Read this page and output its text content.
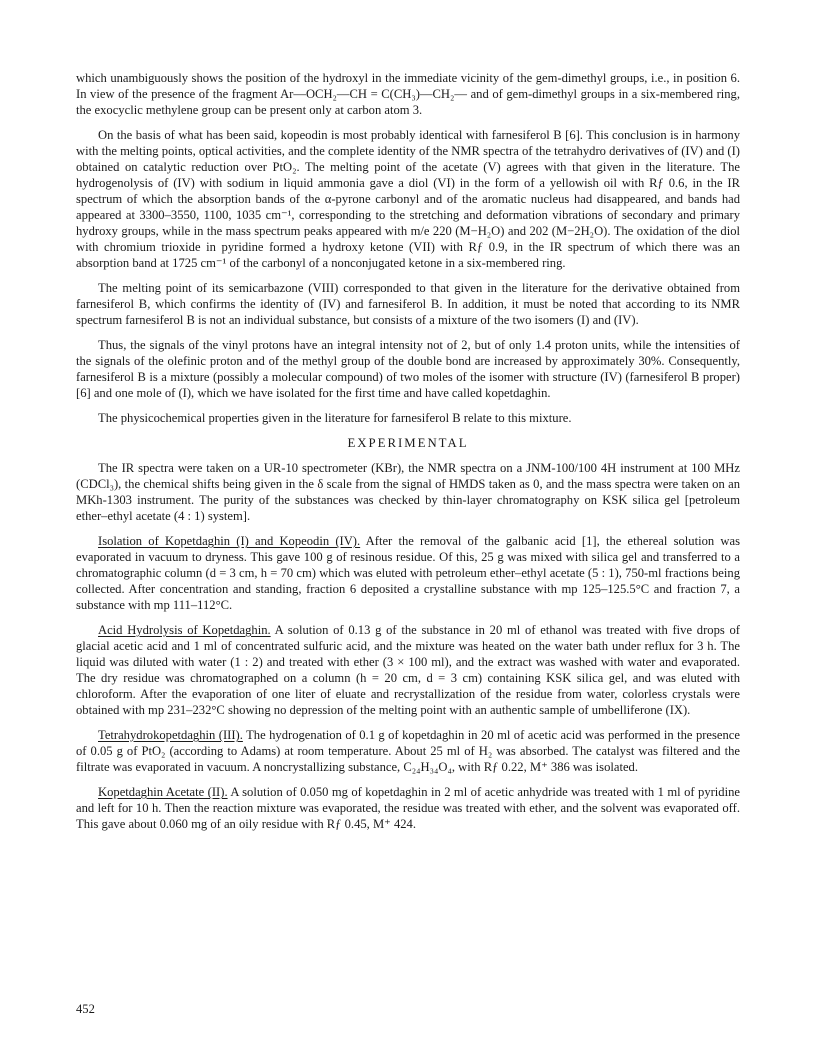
which unambiguously shows the position of the hydroxyl in the immediate vicinity of the gem-dimethyl groups, i.e., in position 6. In view of the presence of the fragment Ar—OCH₂—CH = C(CH₃)—CH₂— and of gem-dimethyl groups in a six-membered ring, the exocyclic methylene group can be present only at carbon atom 3.

On the basis of what has been said, kopeodin is most probably identical with farnesiferol B [6]. This conclusion is in harmony with the melting points, optical activities, and the complete identity of the NMR spectra of the tetrahydro derivatives of (IV) and (I) obtained on catalytic reduction over PtO₂. The melting point of the acetate (V) agrees with that given in the literature. The hydrogenolysis of (IV) with sodium in liquid ammonia gave a diol (VI) in the form of a yellowish oil with Rƒ 0.6, in the IR spectrum of which the absorption bands of the α-pyrone carbonyl and of the aromatic nucleus had disappeared, and bands had appeared at 3300–3550, 1100, 1035 cm⁻¹, corresponding to the stretching and deformation vibrations of secondary and primary hydroxy groups, while in the mass spectrum peaks appeared with m/e 220 (M−H₂O) and 202 (M−2H₂O). The oxidation of the diol with chromium trioxide in pyridine formed a hydroxy ketone (VII) with Rƒ 0.9, in the IR spectrum of which there was an absorption band at 1725 cm⁻¹ of the carbonyl of a nonconjugated ketone in a six-membered ring.

The melting point of its semicarbazone (VIII) corresponded to that given in the literature for the derivative obtained from farnesiferol B, which confirms the identity of (IV) and farnesiferol B. In addition, it must be noted that according to its NMR spectrum farnesiferol B is not an individual substance, but consists of a mixture of the two isomers (I) and (IV).

Thus, the signals of the vinyl protons have an integral intensity not of 2, but of only 1.4 proton units, while the intensities of the signals of the olefinic proton and of the methyl group of the double bond are increased by approximately 30%. Consequently, farnesiferol B is a mixture (possibly a molecular compound) of two moles of the isomer with structure (IV) (farnesiferol B proper) [6] and one mole of (I), which we have isolated for the first time and have called kopetdaghin.

The physicochemical properties given in the literature for farnesiferol B relate to this mixture.

EXPERIMENTAL

The IR spectra were taken on a UR-10 spectrometer (KBr), the NMR spectra on a JNM-100/100 4H instrument at 100 MHz (CDCl₃), the chemical shifts being given in the δ scale from the signal of HMDS taken as 0, and the mass spectra were taken on an MKh-1303 instrument. The purity of the substances was checked by thin-layer chromatography on KSK silica gel [petroleum ether–ethyl acetate (4 : 1) system].

Isolation of Kopetdaghin (I) and Kopeodin (IV). After the removal of the galbanic acid [1], the ethereal solution was evaporated in vacuum to dryness. This gave 100 g of resinous residue. Of this, 25 g was mixed with silica gel and transferred to a chromatographic column (d = 3 cm, h = 70 cm) which was eluted with petroleum ether–ethyl acetate (5 : 1), 750-ml fractions being collected. After concentration and standing, fraction 6 deposited a crystalline substance with mp 125–125.5°C and fraction 7, a substance with mp 111–112°C.

Acid Hydrolysis of Kopetdaghin. A solution of 0.13 g of the substance in 20 ml of ethanol was treated with five drops of glacial acetic acid and 1 ml of concentrated sulfuric acid, and the mixture was heated on the water bath under reflux for 3 h. The liquid was diluted with water (1 : 2) and treated with ether (3 × 100 ml), and the extract was washed with water and evaporated. The dry residue was chromatographed on a column (h = 20 cm, d = 3 cm) containing KSK silica gel, and was eluted with chloroform. After the evaporation of one liter of eluate and recrystallization of the residue from water, colorless crystals were obtained with mp 231–232°C showing no depression of the melting point with an authentic sample of umbelliferone (IX).

Tetrahydrokopetdaghin (III). The hydrogenation of 0.1 g of kopetdaghin in 20 ml of acetic acid was performed in the presence of 0.05 g of PtO₂ (according to Adams) at room temperature. About 25 ml of H₂ was absorbed. The catalyst was filtered and the filtrate was evaporated in vacuum. A noncrystallizing substance, C₂₄H₃₄O₄, with Rƒ 0.22, M⁺ 386 was isolated.

Kopetdaghin Acetate (II). A solution of 0.050 mg of kopetdaghin in 2 ml of acetic anhydride was treated with 1 ml of pyridine and left for 10 h. Then the reaction mixture was evaporated, the residue was treated with ether, and the solvent was evaporated off. This gave about 0.060 mg of an oily residue with Rƒ 0.45, M⁺ 424.

452
